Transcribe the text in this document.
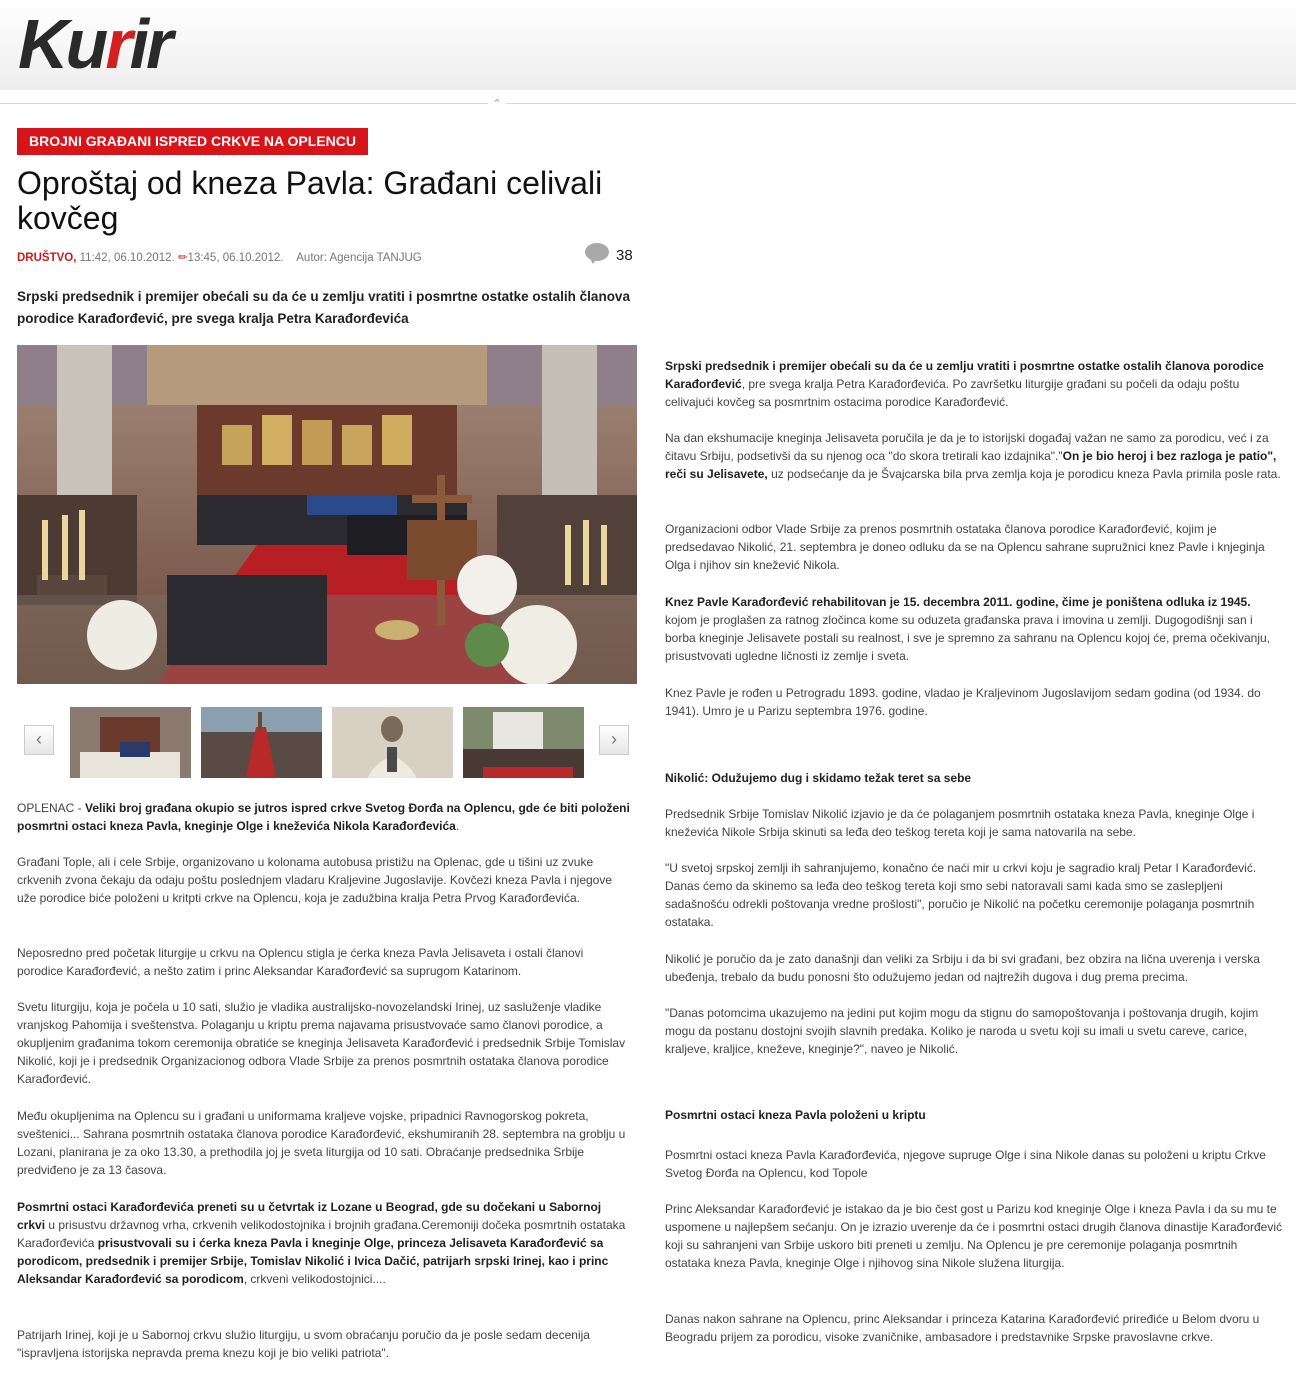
Kurir
⌃
BROJNI GRAĐANI ISPRED CRKVE NA OPLENCU
Oproštaj od kneza Pavla: Građani celivali kovčeg
DRUŠTVO, 11:42, 06.10.2012. ✏13:45, 06.10.2012. Autor: Agencija TANJUG	38

Srpski predsednik i premijer obećali su da će u zemlju vratiti i posmrtne ostatke ostalih članova porodice Karađorđević, pre svega kralja Petra Karađorđevića

‹	›

OPLENAC - Veliki broj građana okupio se jutros ispred crkve Svetog Đorđa na Oplencu, gde će biti položeni posmrtni ostaci kneza Pavla, kneginje Olge i kneževića Nikola Karađorđevića.

Građani Tople, ali i cele Srbije, organizovano u kolonama autobusa pristižu na Oplenac, gde u tišini uz zvuke crkvenih zvona čekaju da odaju poštu poslednjem vladaru Kraljevine Jugoslavije. Kovčezi kneza Pavla i njegove uže porodice biće položeni u kritpti crkve na Oplencu, koja je zadužbina kralja Petra Prvog Karađorđevića.

Neposredno pred početak liturgije u crkvu na Oplencu stigla je ćerka kneza Pavla Jelisaveta i ostali članovi porodice Karađorđević, a nešto zatim i princ Aleksandar Karađorđević sa suprugom Katarinom.

Svetu liturgiju, koja je počela u 10 sati, služio je vladika australijsko-novozelandski Irinej, uz sasluženje vladike vranjskog Pahomija i sveštenstva. Polaganju u kriptu prema najavama prisustvovaće samo članovi porodice, a okupljenim građanima tokom ceremonija obratiće se kneginja Jelisaveta Karađorđević i predsednik Srbije Tomislav Nikolić, koji je i predsednik Organizacionog odbora Vlade Srbije za prenos posmrtnih ostataka članova porodice Karađorđević.

Među okupljenima na Oplencu su i građani u uniformama kraljeve vojske, pripadnici Ravnogorskog pokreta, sveštenici... Sahrana posmrtnih ostataka članova porodice Karađorđević, ekshumiranih 28. septembra na groblju u Lozani, planirana je za oko 13.30, a prethodila joj je sveta liturgija od 10 sati. Obraćanje predsednika Srbije predviđeno je za 13 časova.

Posmrtni ostaci Karađorđevića preneti su u četvrtak iz Lozane u Beograd, gde su dočekani u Sabornoj crkvi u prisustvu državnog vrha, crkvenih velikodostojnika i brojnih građana.Ceremoniji dočeka posmrtnih ostataka Karađorđevića prisustvovali su i ćerka kneza Pavla i kneginje Olge, princeza Jelisaveta Karađorđević sa porodicom, predsednik i premijer Srbije, Tomislav Nikolić i Ivica Dačić, patrijarh srpski Irinej, kao i princ Aleksandar Karađorđević sa porodicom, crkveni velikodostojnici....

Patrijarh Irinej, koji je u Sabornoj crkvu služio liturgiju, u svom obraćanju poručio da je posle sedam decenija "ispravljena istorijska nepravda prema knezu koji je bio veliki patriota".

Srpski predsednik i premijer obećali su da će u zemlju vratiti i posmrtne ostatke ostalih članova porodice Karađorđević, pre svega kralja Petra Karađorđevića. Po završetku liturgije građani su počeli da odaju poštu celivajući kovčeg sa posmrtnim ostacima porodice Karađorđević.

Na dan ekshumacije kneginja Jelisaveta poručila je da je to istorijski događaj važan ne samo za porodicu, već i za čitavu Srbiju, podsetivši da su njenog oca "do skora tretirali kao izdajnika"."On je bio heroj i bez razloga je patio", reči su Jelisavete, uz podsećanje da je Švajcarska bila prva zemlja koja je porodicu kneza Pavla primila posle rata.

Organizacioni odbor Vlade Srbije za prenos posmrtnih ostataka članova porodice Karađorđević, kojim je predsedavao Nikolić, 21. septembra je doneo odluku da se na Oplencu sahrane supružnici knez Pavle i knjeginja Olga i njihov sin knežević Nikola.

Knez Pavle Karađorđević rehabilitovan je 15. decembra 2011. godine, čime je poništena odluka iz 1945. kojom je proglašen za ratnog zločinca kome su oduzeta građanska prava i imovina u zemlji. Dugogodišnji san i borba kneginje Jelisavete postali su realnost, i sve je spremno za sahranu na Oplencu kojoj će, prema očekivanju, prisustvovati ugledne ličnosti iz zemlje i sveta.

Knez Pavle je rođen u Petrogradu 1893. godine, vladao je Kraljevinom Jugoslavijom sedam godina (od 1934. do 1941). Umro je u Parizu septembra 1976. godine.

Nikolić: Odužujemo dug i skidamo težak teret sa sebe

Predsednik Srbije Tomislav Nikolić izjavio je da će polaganjem posmrtnih ostataka kneza Pavla, kneginje Olge i kneževića Nikole Srbija skinuti sa leđa deo teškog tereta koji je sama natovarila na sebe.

"U svetoj srpskoj zemlji ih sahranjujemo, konačno će naći mir u crkvi koju je sagradio kralj Petar I Karađorđević. Danas ćemo da skinemo sa leđa deo teškog tereta koji smo sebi natoravali sami kada smo se zaslepljeni sadašnošću odrekli poštovanja vredne prošlosti", poručio je Nikolić na početku ceremonije polaganja posmrtnih ostataka.

Nikolić je poručio da je zato današnji dan veliki za Srbiju i da bi svi građani, bez obzira na lična uverenja i verska ubeđenja, trebalo da budu ponosni što odužujemo jedan od najtrežih dugova i dug prema precima.

"Danas potomcima ukazujemo na jedini put kojim mogu da stignu do samopoštovanja i poštovanja drugih, kojim mogu da postanu dostojni svojih slavnih predaka. Koliko je naroda u svetu koji su imali u svetu careve, carice, kraljeve, kraljice, kneževe, kneginje?", naveo je Nikolić.

Posmrtni ostaci kneza Pavla položeni u kriptu

Posmrtni ostaci kneza Pavla Karađorđevića, njegove supruge Olge i sina Nikole danas su položeni u kriptu Crkve Svetog Đorđa na Oplencu, kod Topole

Princ Aleksandar Karađorđević je istakao da je bio čest gost u Parizu kod kneginje Olge i kneza Pavla i da su mu te uspomene u najlepšem sećanju. On je izrazio uverenje da će i posmrtni ostaci drugih članova dinastije Karađorđević koji su sahranjeni van Srbije uskoro biti preneti u zemlju. Na Oplencu je pre ceremonije polaganja posmrtnih ostataka kneza Pavla, kneginje Olge i njihovog sina Nikole služena liturgija.

Danas nakon sahrane na Oplencu, princ Aleksandar i princeza Katarina Karađorđević priređiće u Belom dvoru u Beogradu prijem za porodicu, visoke zvaničnike, ambasadore i predstavnike Srpske pravoslavne crkve.
